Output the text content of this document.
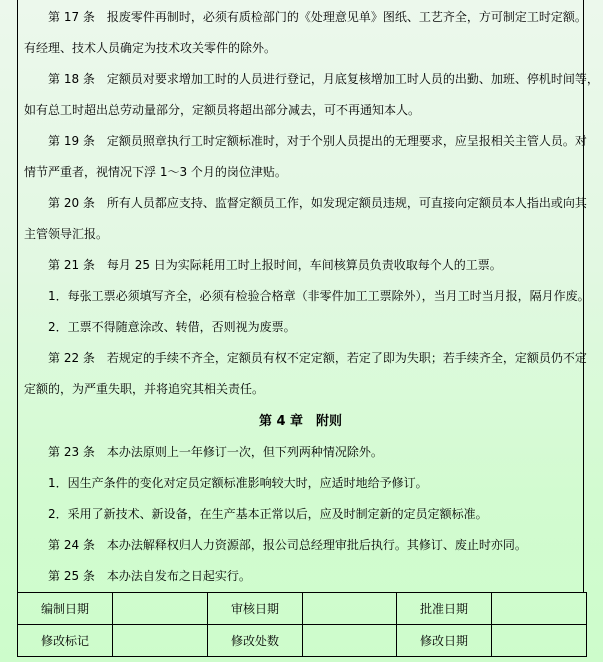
第 17 条　报废零件再制时，必须有质检部门的《处理意见单》图纸、工艺齐全，方可制定工时定额。
有经理、技术人员确定为技术攻关零件的除外。
第 18 条　定额员对要求增加工时的人员进行登记，月底复核增加工时人员的出勤、加班、停机时间等，
如有总工时超出总劳动量部分，定额员将超出部分减去，可不再通知本人。
第 19 条　定额员照章执行工时定额标准时，对于个别人员提出的无理要求，应呈报相关主管人员。对
情节严重者，视情况下浮 1～3 个月的岗位津贴。
第 20 条　所有人员都应支持、监督定额员工作，如发现定额员违规，可直接向定额员本人指出或向其
主管领导汇报。
第 21 条　每月 25 日为实际耗用工时上报时间，车间核算员负责收取每个人的工票。
1．每张工票必须填写齐全，必须有检验合格章（非零件加工工票除外），当月工时当月报，隔月作废。
2．工票不得随意涂改、转借，否则视为废票。
第 22 条　若规定的手续不齐全，定额员有权不定定额，若定了即为失职；若手续齐全，定额员仍不定
定额的，为严重失职，并将追究其相关责任。
第 4 章　附则
第 23 条　本办法原则上一年修订一次，但下列两种情况除外。
1．因生产条件的变化对定员定额标准影响较大时，应适时地给予修订。
2．采用了新技术、新设备，在生产基本正常以后，应及时制定新的定员定额标准。
第 24 条　本办法解释权归人力资源部，报公司总经理审批后执行。其修订、废止时亦同。
第 25 条　本办法自发布之日起实行。
编制日期		审核日期		批准日期	
修改标记		修改处数		修改日期	
